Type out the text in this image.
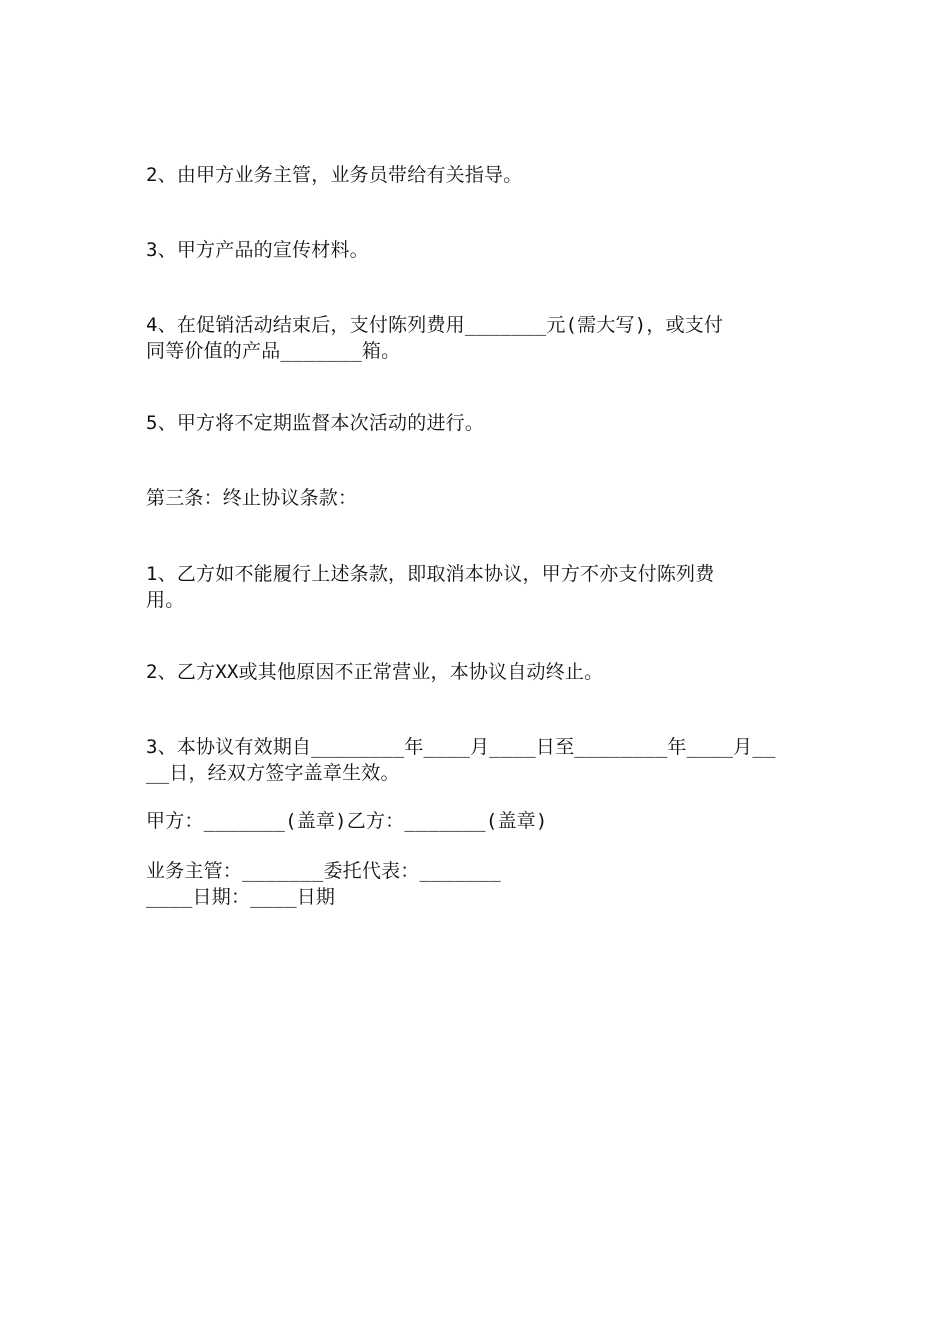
2、由甲方业务主管，业务员带给有关指导。
3、甲方产品的宣传材料。
4、在促销活动结束后，支付陈列费用_______元(需大写)，或支付
同等价值的产品_______箱。
5、甲方将不定期监督本次活动的进行。
第三条：终止协议条款：
1、乙方如不能履行上述条款，即取消本协议，甲方不亦支付陈列费
用。
2、乙方XX或其他原因不正常营业，本协议自动终止。
3、本协议有效期自________年____月____日至________年____月__
__日，经双方签字盖章生效。
甲方：_______(盖章)乙方：_______(盖章)
业务主管：_______委托代表：_______
____日期：____日期
